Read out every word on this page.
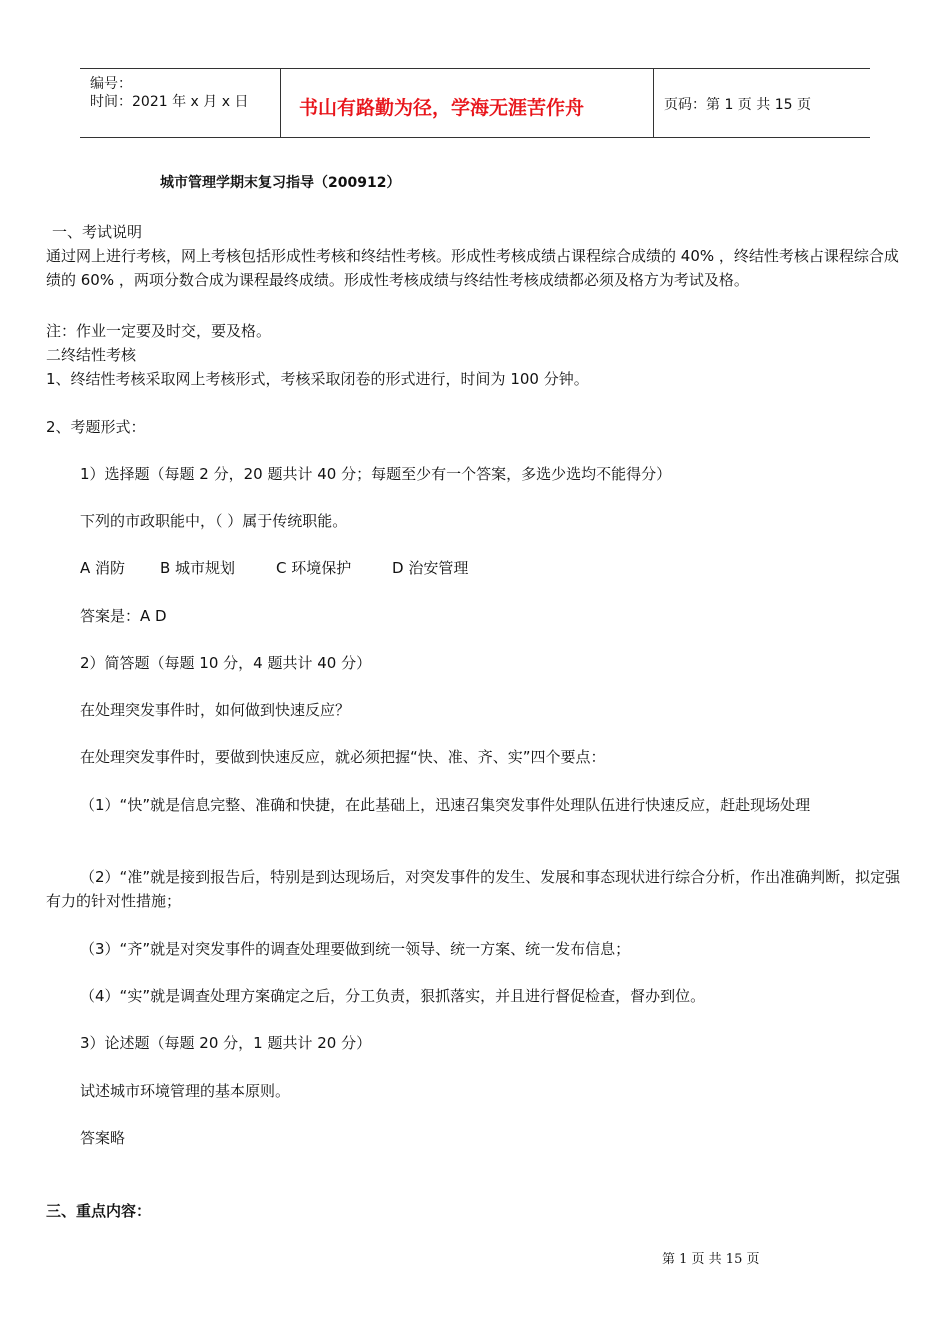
编号：
时间：2021 年 x 月 x 日	书山有路勤为径，学海无涯苦作舟	页码：第 1 页 共 15 页
城市管理学期末复习指导（200912）
一、考试说明
通过网上进行考核，网上考核包括形成性考核和终结性考核。形成性考核成绩占课程综合成绩的 40% ，终结性考核占课程综合成绩的 60% ，两项分数合成为课程最终成绩。形成性考核成绩与终结性考核成绩都必须及格方为考试及格。
注：作业一定要及时交，要及格。
二终结性考核
1、终结性考核采取网上考核形式，考核采取闭卷的形式进行，时间为 100 分钟。
2、考题形式：
1）选择题（每题 2 分，20 题共计 40 分；每题至少有一个答案，多选少选均不能得分）
下列的市政职能中，（ ）属于传统职能。
A 消防 B 城市规划	C 环境保护	D 治安管理
答案是：A D
2）简答题（每题 10 分，4 题共计 40 分）
在处理突发事件时，如何做到快速反应？
在处理突发事件时，要做到快速反应，就必须把握“快、准、齐、实”四个要点：
（1）“快”就是信息完整、准确和快捷，在此基础上，迅速召集突发事件处理队伍进行快速反应，赶赴现场处理
（2）“准”就是接到报告后，特别是到达现场后，对突发事件的发生、发展和事态现状进行综合分析，作出准确判断，拟定强有力的针对性措施；
（3）“齐”就是对突发事件的调查处理要做到统一领导、统一方案、统一发布信息；
（4）“实”就是调查处理方案确定之后，分工负责，狠抓落实，并且进行督促检查，督办到位。
3）论述题（每题 20 分，1 题共计 20 分）
试述城市环境管理的基本原则。
答案略
三、重点内容：
第 1 页 共 15 页
